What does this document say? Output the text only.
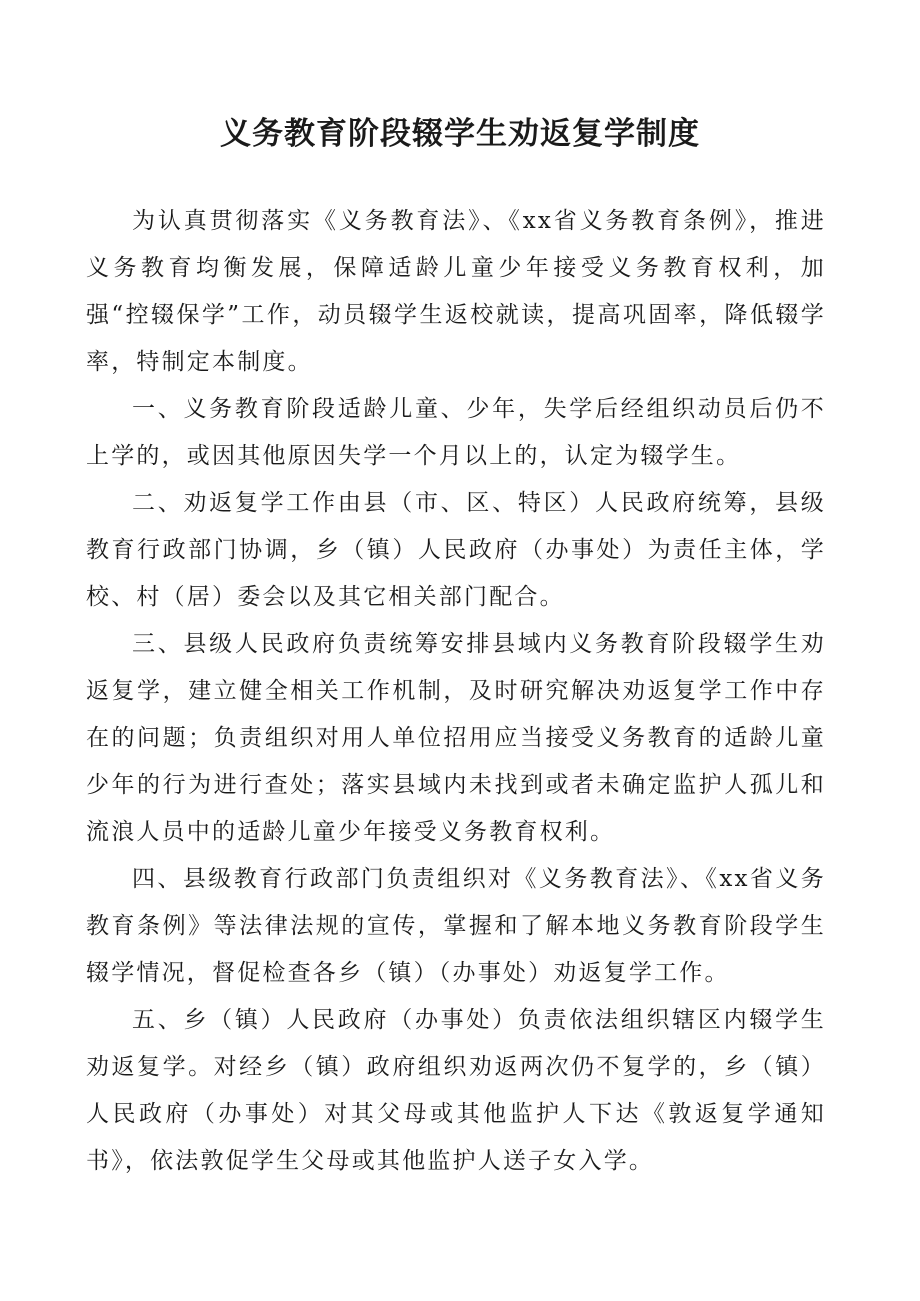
义务教育阶段辍学生劝返复学制度

为认真贯彻落实《义务教育法》、《xx省义务教育条例》，推进义务教育均衡发展，保障适龄儿童少年接受义务教育权利，加强“控辍保学”工作，动员辍学生返校就读，提高巩固率，降低辍学率，特制定本制度。

一、义务教育阶段适龄儿童、少年，失学后经组织动员后仍不上学的，或因其他原因失学一个月以上的，认定为辍学生。

二、劝返复学工作由县（市、区、特区）人民政府统筹，县级教育行政部门协调，乡（镇）人民政府（办事处）为责任主体，学校、村（居）委会以及其它相关部门配合。

三、县级人民政府负责统筹安排县域内义务教育阶段辍学生劝返复学，建立健全相关工作机制，及时研究解决劝返复学工作中存在的问题；负责组织对用人单位招用应当接受义务教育的适龄儿童少年的行为进行查处；落实县域内未找到或者未确定监护人孤儿和流浪人员中的适龄儿童少年接受义务教育权利。

四、县级教育行政部门负责组织对《义务教育法》、《xx省义务教育条例》等法律法规的宣传，掌握和了解本地义务教育阶段学生辍学情况，督促检查各乡（镇）（办事处）劝返复学工作。

五、乡（镇）人民政府（办事处）负责依法组织辖区内辍学生劝返复学。对经乡（镇）政府组织劝返两次仍不复学的，乡（镇）人民政府（办事处）对其父母或其他监护人下达《敦返复学通知书》，依法敦促学生父母或其他监护人送子女入学。
